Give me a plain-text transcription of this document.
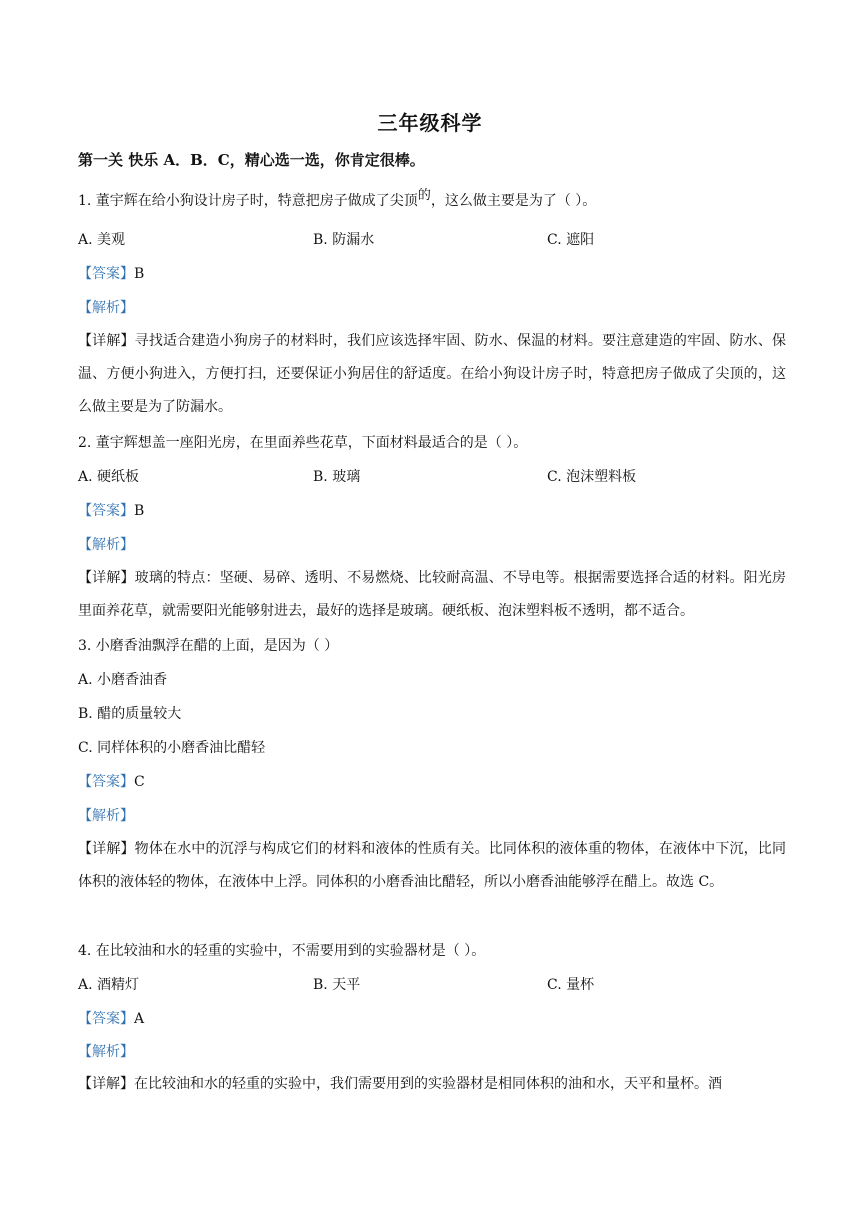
三年级科学
第一关 快乐 A．B．C，精心选一选，你肯定很棒。
1. 董宇辉在给小狗设计房子时，特意把房子做成了尖顶的，这么做主要是为了（ ）。
A. 美观	B. 防漏水	C. 遮阳
【答案】B
【解析】
【详解】寻找适合建造小狗房子的材料时，我们应该选择牢固、防水、保温的材料。要注意建造的牢固、防水、保温、方便小狗进入，方便打扫，还要保证小狗居住的舒适度。在给小狗设计房子时，特意把房子做成了尖顶的，这么做主要是为了防漏水。
2. 董宇辉想盖一座阳光房，在里面养些花草，下面材料最适合的是（ ）。
A. 硬纸板	B. 玻璃	C. 泡沫塑料板
【答案】B
【解析】
【详解】玻璃的特点：坚硬、易碎、透明、不易燃烧、比较耐高温、不导电等。根据需要选择合适的材料。阳光房里面养花草，就需要阳光能够射进去，最好的选择是玻璃。硬纸板、泡沫塑料板不透明，都不适合。
3. 小磨香油飘浮在醋的上面，是因为（ ）
A. 小磨香油香
B. 醋的质量较大
C. 同样体积的小磨香油比醋轻
【答案】C
【解析】
【详解】物体在水中的沉浮与构成它们的材料和液体的性质有关。比同体积的液体重的物体，在液体中下沉，比同体积的液体轻的物体，在液体中上浮。同体积的小磨香油比醋轻，所以小磨香油能够浮在醋上。故选 C。
4. 在比较油和水的轻重的实验中，不需要用到的实验器材是（ ）。
A. 酒精灯	B. 天平	C. 量杯
【答案】A
【解析】
【详解】在比较油和水的轻重的实验中，我们需要用到的实验器材是相同体积的油和水，天平和量杯。酒
